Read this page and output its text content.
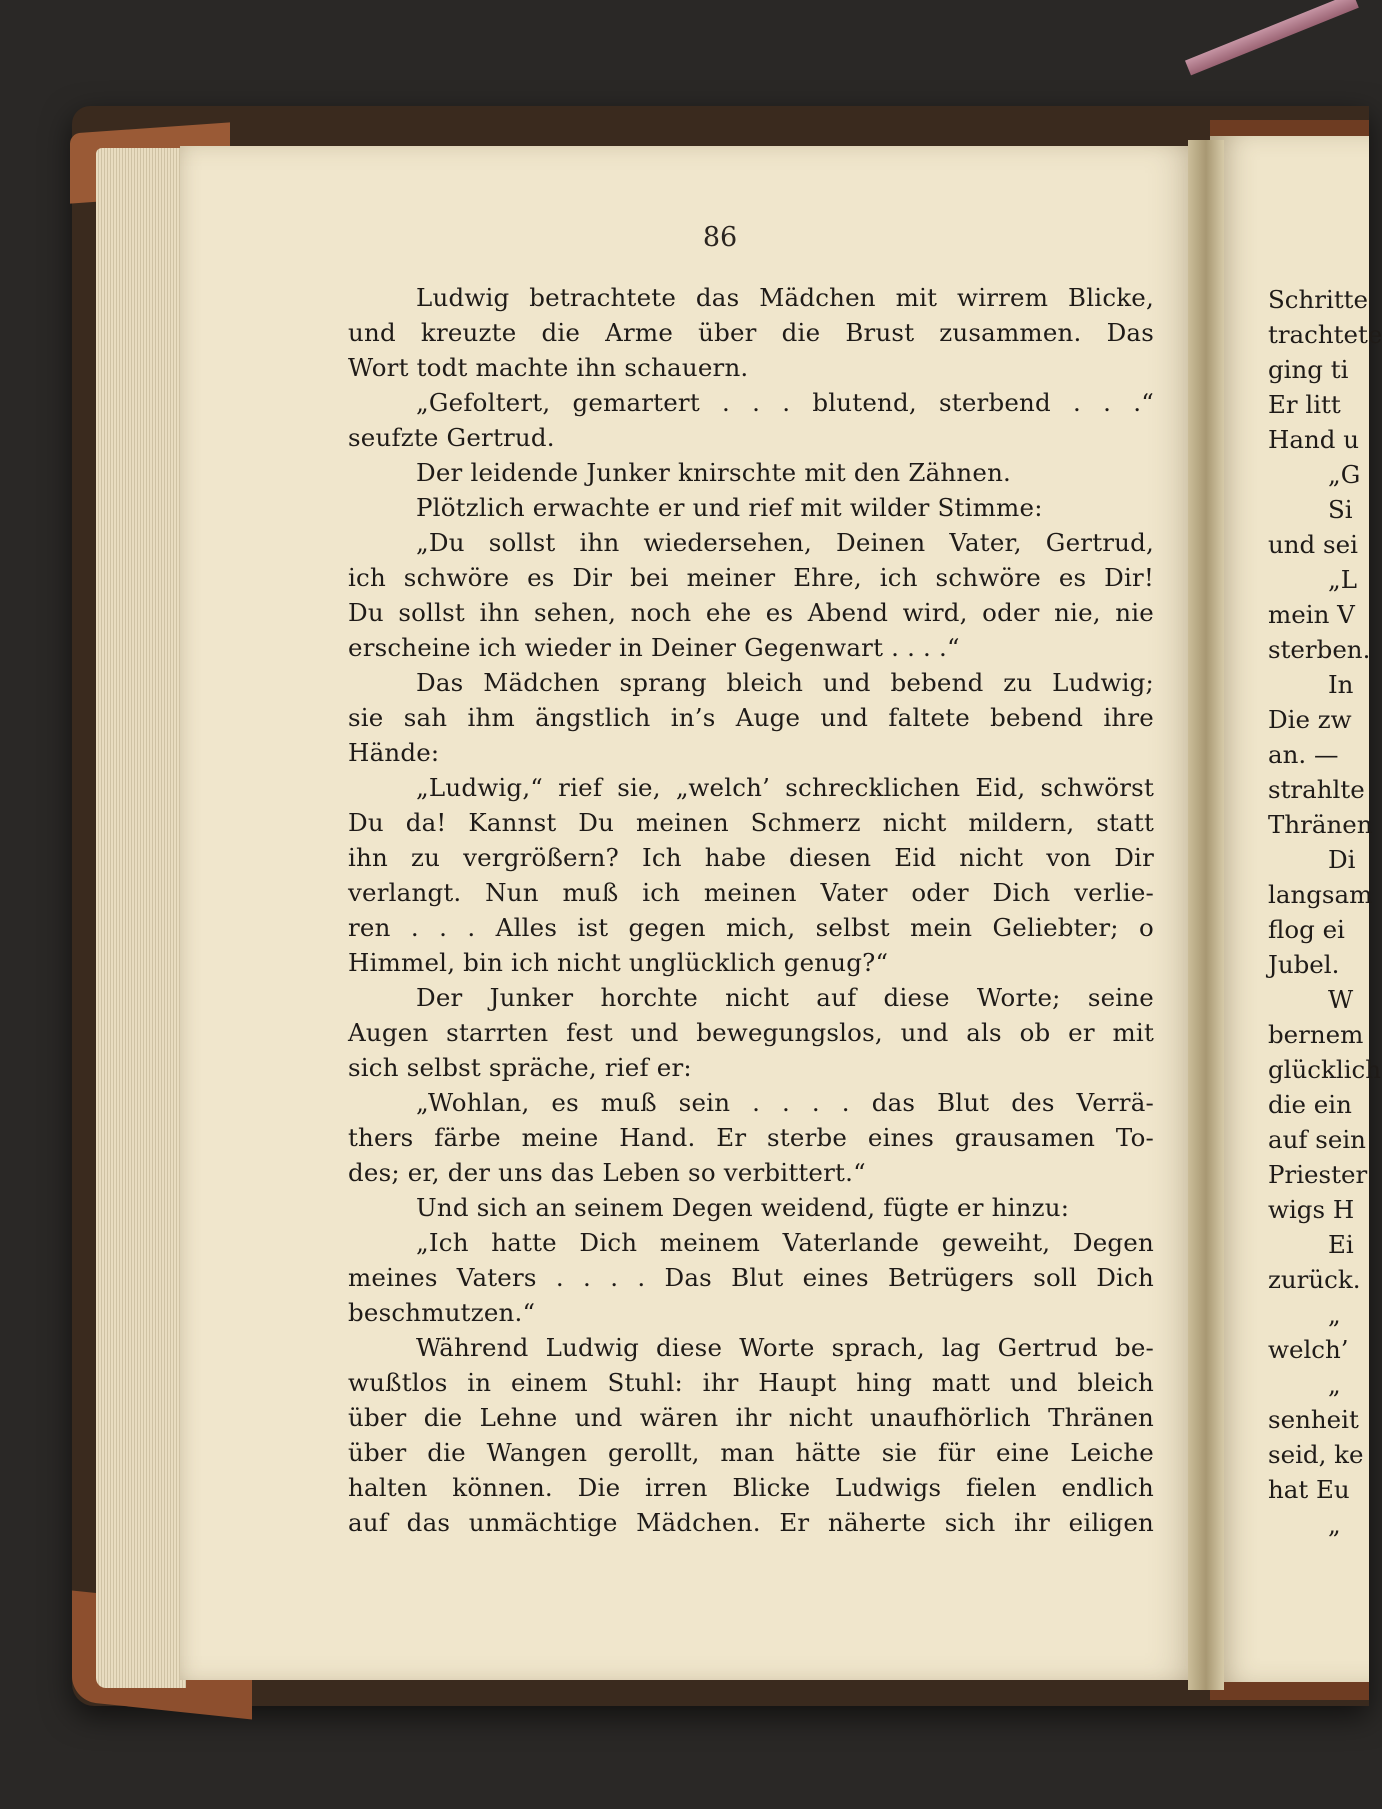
86
Ludwig betrachtete das Mädchen mit wirrem Blicke,
und kreuzte die Arme über die Brust zusammen. Das
Wort todt machte ihn schauern.
„Gefoltert, gemartert . . . blutend, sterbend . . .“
seufzte Gertrud.
Der leidende Junker knirschte mit den Zähnen.
Plötzlich erwachte er und rief mit wilder Stimme:
„Du sollst ihn wiedersehen, Deinen Vater, Gertrud,
ich schwöre es Dir bei meiner Ehre, ich schwöre es Dir!
Du sollst ihn sehen, noch ehe es Abend wird, oder nie, nie
erscheine ich wieder in Deiner Gegenwart . . . .“
Das Mädchen sprang bleich und bebend zu Ludwig;
sie sah ihm ängstlich in’s Auge und faltete bebend ihre
Hände:
„Ludwig,“ rief sie, „welch’ schrecklichen Eid, schwörst
Du da! Kannst Du meinen Schmerz nicht mildern, statt
ihn zu vergrößern? Ich habe diesen Eid nicht von Dir
verlangt. Nun muß ich meinen Vater oder Dich verlie-
ren . . . Alles ist gegen mich, selbst mein Geliebter; o
Himmel, bin ich nicht unglücklich genug?“
Der Junker horchte nicht auf diese Worte; seine
Augen starrten fest und bewegungslos, und als ob er mit
sich selbst spräche, rief er:
„Wohlan, es muß sein . . . . das Blut des Verrä-
thers färbe meine Hand. Er sterbe eines grausamen To-
des; er, der uns das Leben so verbittert.“
Und sich an seinem Degen weidend, fügte er hinzu:
„Ich hatte Dich meinem Vaterlande geweiht, Degen
meines Vaters . . . . Das Blut eines Betrügers soll Dich
beschmutzen.“
Während Ludwig diese Worte sprach, lag Gertrud be-
wußtlos in einem Stuhl: ihr Haupt hing matt und bleich
über die Lehne und wären ihr nicht unaufhörlich Thränen
über die Wangen gerollt, man hätte sie für eine Leiche
halten können. Die irren Blicke Ludwigs fielen endlich
auf das unmächtige Mädchen. Er näherte sich ihr eiligen
Schritte
trachtete
ging ti
Er litt
Hand u
„G
Si
und sei
„L
mein V
sterben.
In
Die zw
an. —
strahlte
Thränen
Di
langsam
flog ei
Jubel.
W
bernem
glücklich
die ein
auf sein
Priester
wigs H
Ei
zurück.
„
welch’
„
senheit
seid, ke
hat Eu
„
